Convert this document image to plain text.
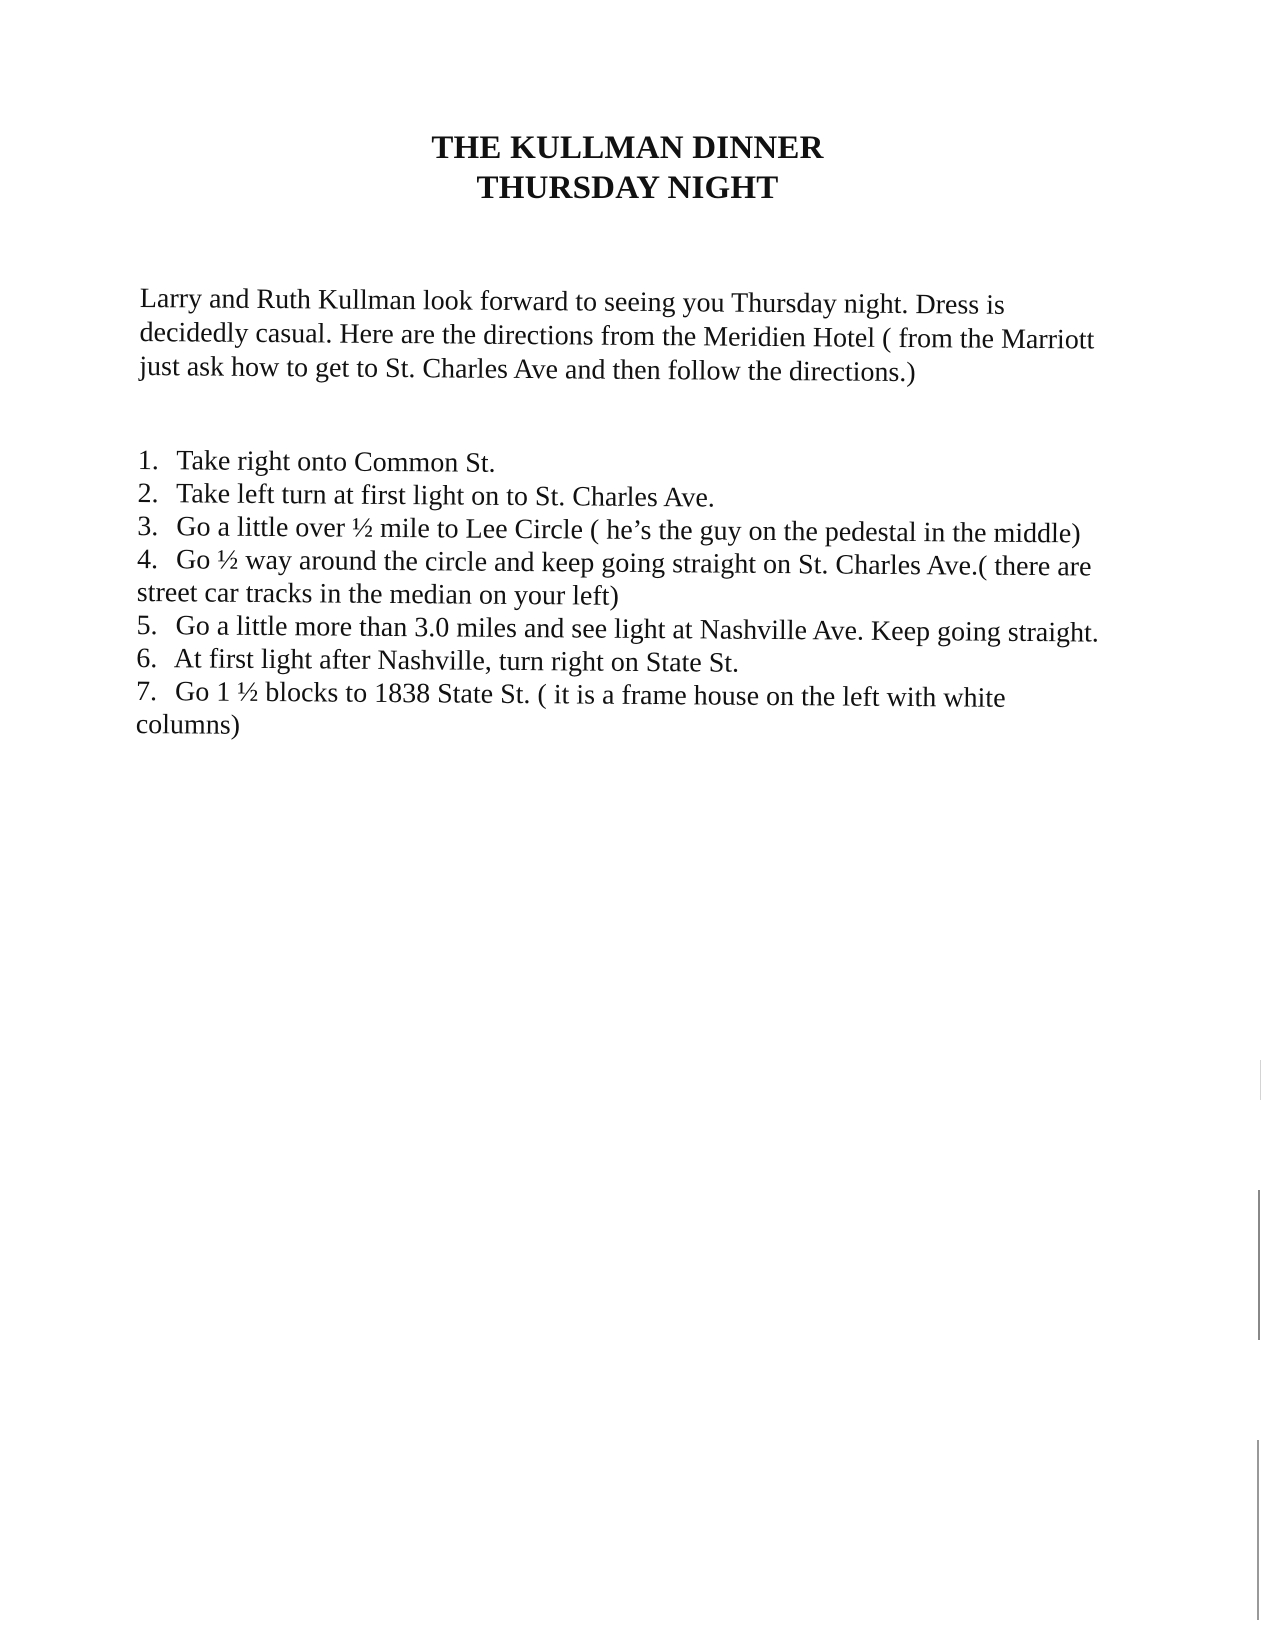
THE KULLMAN DINNER

THURSDAY NIGHT

Larry and Ruth Kullman look forward to seeing you Thursday night. Dress is decidedly casual. Here are the directions from the Meridien Hotel ( from the Marriott just ask how to get to St. Charles Ave and then follow the directions.)

1. Take right onto Common St.
2. Take left turn at first light on to St. Charles Ave.
3. Go a little over ½ mile to Lee Circle ( he’s the guy on the pedestal in the middle)
4. Go ½ way around the circle and keep going straight on St. Charles Ave.( there are street car tracks in the median on your left)
5. Go a little more than 3.0 miles and see light at Nashville Ave. Keep going straight.
6. At first light after Nashville, turn right on State St.
7. Go 1 ½ blocks to 1838 State St. ( it is a frame house on the left with white columns)
